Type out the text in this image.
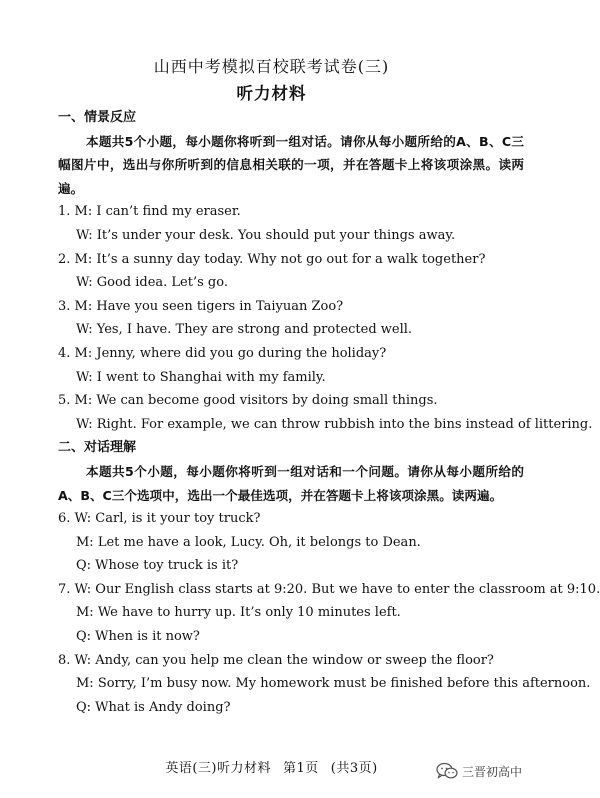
山西中考模拟百校联考试卷(三)
听力材料
一、情景反应
本题共5个小题，每小题你将听到一组对话。请你从每小题所给的A、B、C三幅图片中，选出与你所听到的信息相关联的一项，并在答题卡上将该项涂黑。读两遍。
1. M: I can’t find my eraser.
W: It’s under your desk. You should put your things away.
2. M: It’s a sunny day today. Why not go out for a walk together?
W: Good idea. Let’s go.
3. M: Have you seen tigers in Taiyuan Zoo?
W: Yes, I have. They are strong and protected well.
4. M: Jenny, where did you go during the holiday?
W: I went to Shanghai with my family.
5. M: We can become good visitors by doing small things.
W: Right. For example, we can throw rubbish into the bins instead of littering.
二、对话理解
本题共5个小题，每小题你将听到一组对话和一个问题。请你从每小题所给的A、B、C三个选项中，选出一个最佳选项，并在答题卡上将该项涂黑。读两遍。
6. W: Carl, is it your toy truck?
M: Let me have a look, Lucy. Oh, it belongs to Dean.
Q: Whose toy truck is it?
7. W: Our English class starts at 9:20. But we have to enter the classroom at 9:10.
M: We have to hurry up. It’s only 10 minutes left.
Q: When is it now?
8. W: Andy, can you help me clean the window or sweep the floor?
M: Sorry, I’m busy now. My homework must be finished before this afternoon.
Q: What is Andy doing?
英语(三)听力材料 第1页 (共3页)	三晋初高中
